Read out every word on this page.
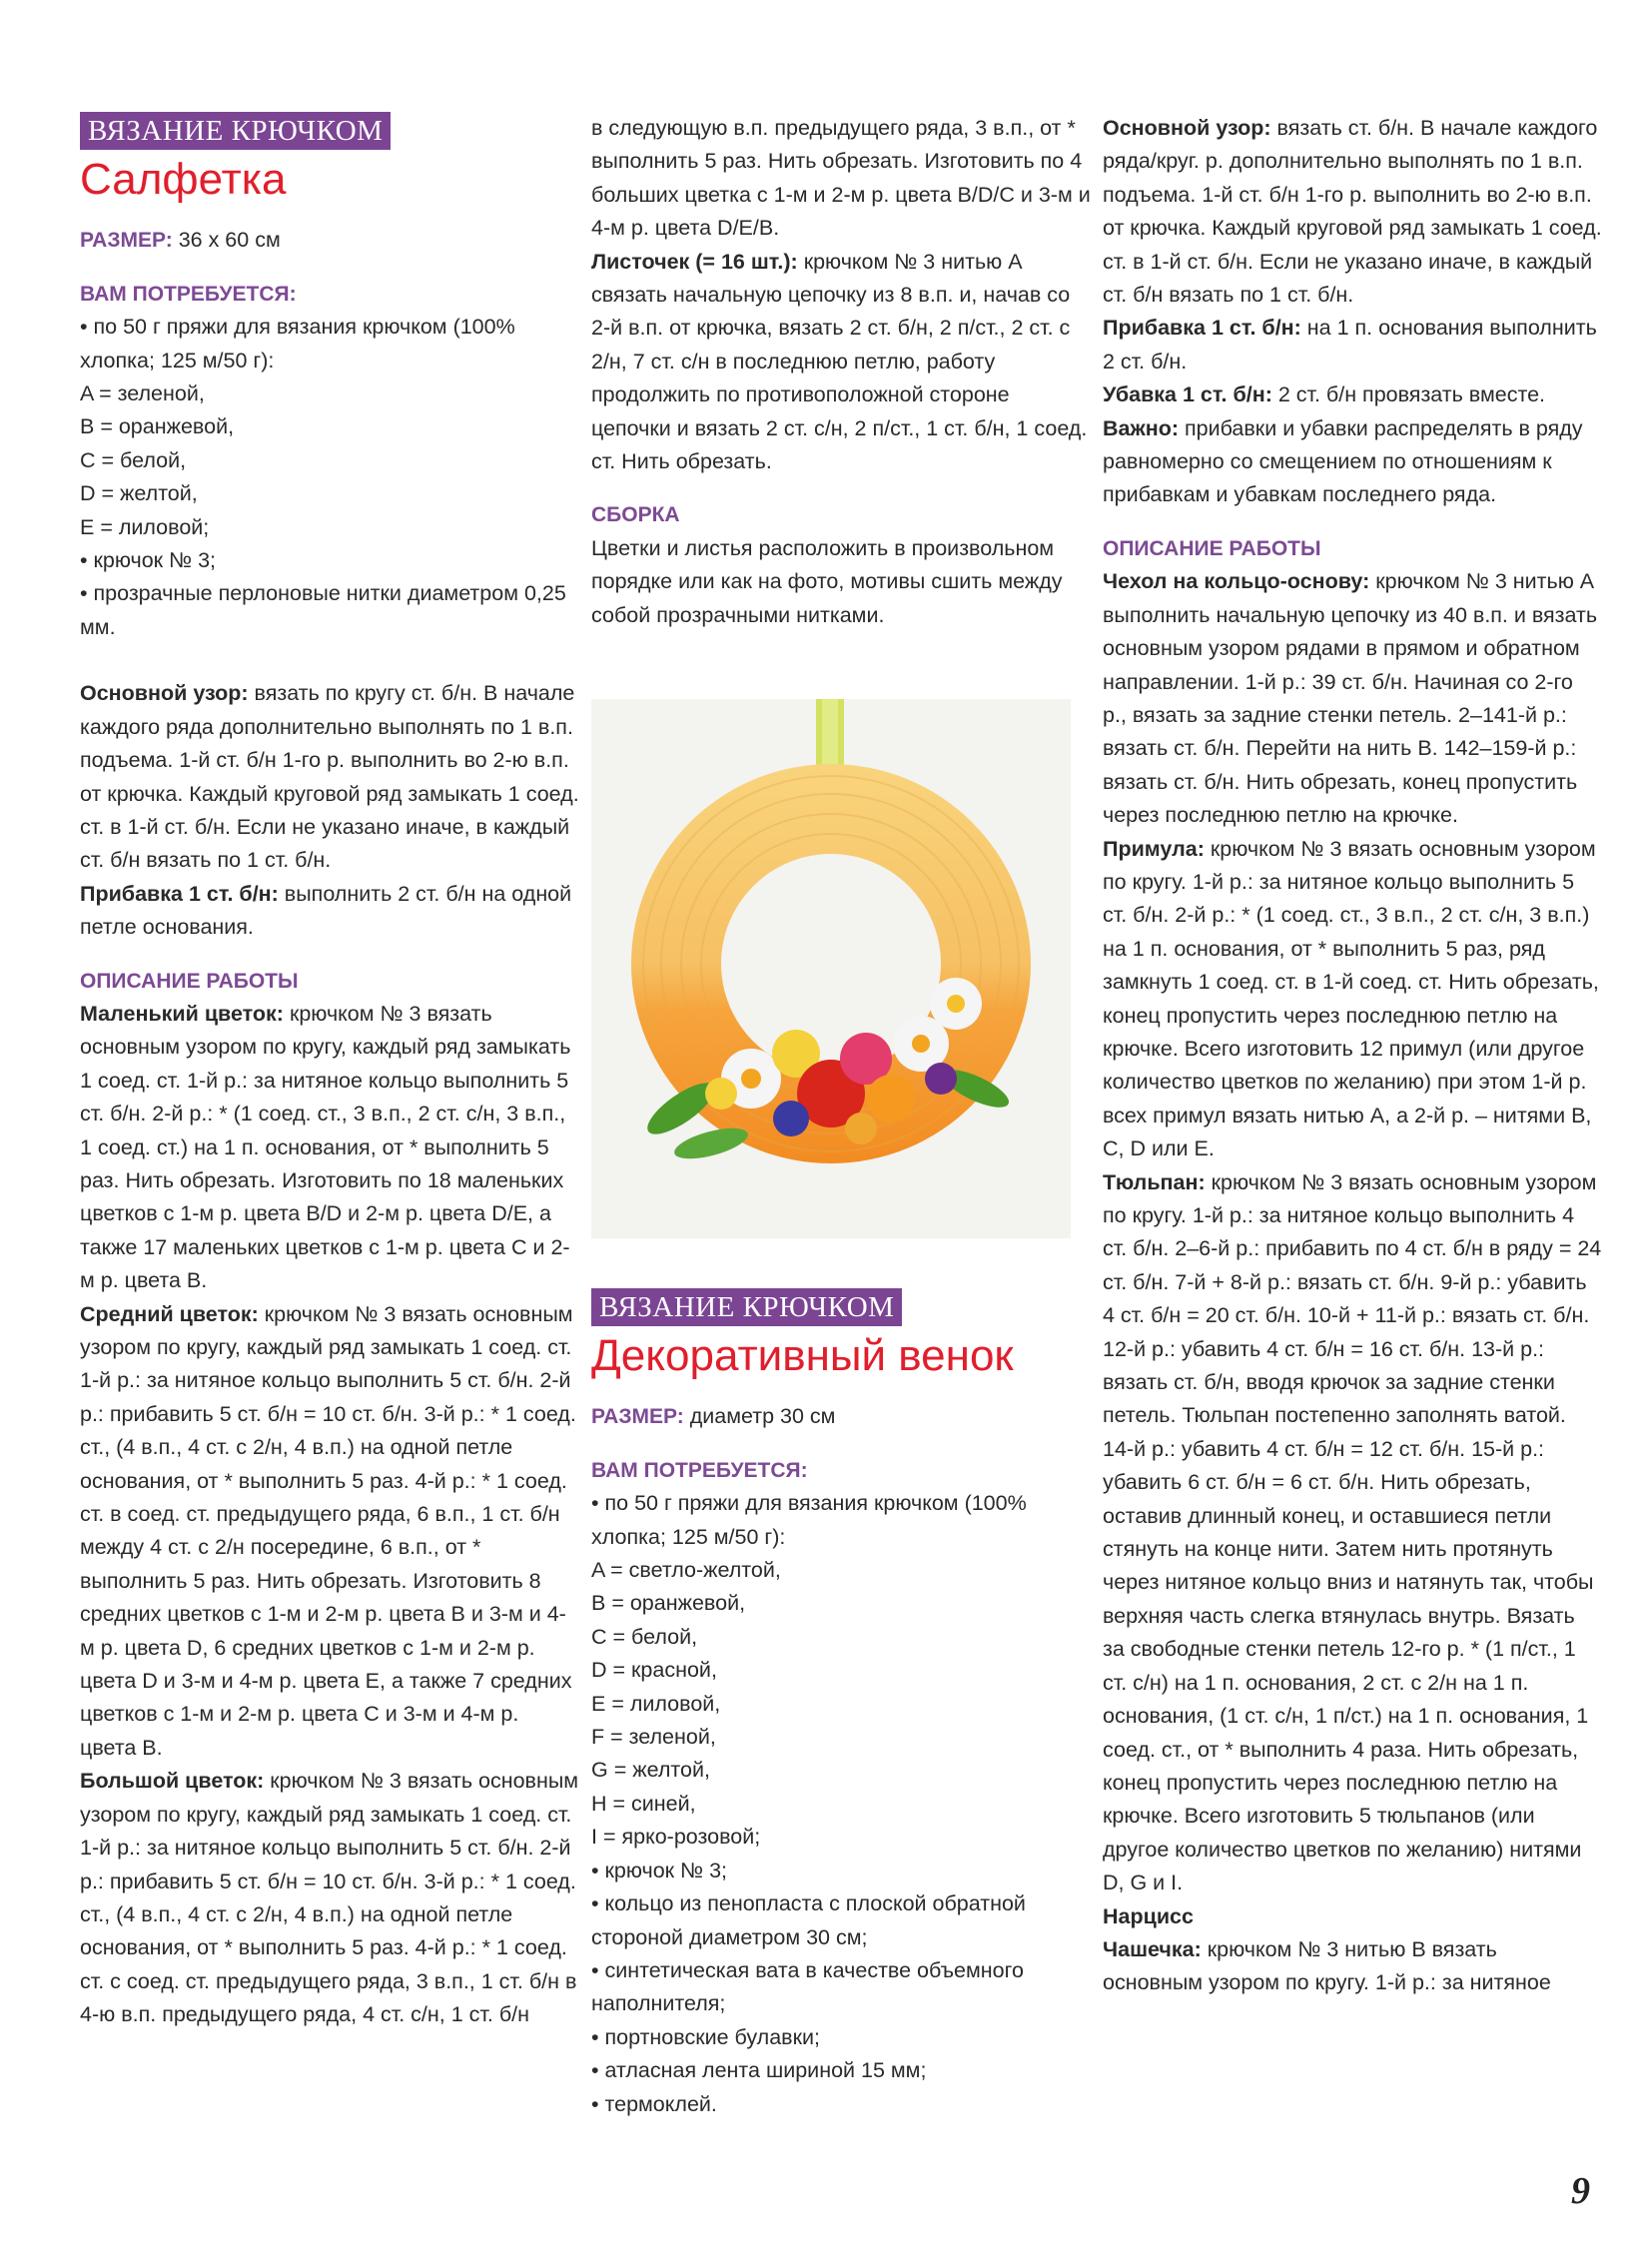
ВЯЗАНИЕ КРЮЧКОМ

Салфетка

РАЗМЕР: 36 х 60 см

ВАМ ПОТРЕБУЕТСЯ:

• по 50 г пряжи для вязания крючком (100% хлопка; 125 м/50 г):

A = зеленой,

B = оранжевой,

C = белой,

D = желтой,

E = лиловой;

• крючок № 3;

• прозрачные перлоновые нитки диаметром 0,25 мм.

Основной узор: вязать по кругу ст. б/н. В начале каждого ряда дополнительно выполнять по 1 в.п. подъема. 1-й ст. б/н 1-го р. выполнить во 2-ю в.п. от крючка. Каждый круговой ряд замыкать 1 соед. ст. в 1-й ст. б/н. Если не указано иначе, в каждый ст. б/н вязать по 1 ст. б/н.

Прибавка 1 ст. б/н: выполнить 2 ст. б/н на одной петле основания.

ОПИСАНИЕ РАБОТЫ

Маленький цветок: крючком № 3 вязать основным узором по кругу, каждый ряд замыкать 1 соед. ст. 1-й р.: за нитяное кольцо выполнить 5 ст. б/н. 2-й р.: * (1 соед. ст., 3 в.п., 2 ст. с/н, 3 в.п., 1 соед. ст.) на 1 п. основания, от * выполнить 5 раз. Нить обрезать. Изготовить по 18 маленьких цветков с 1-м р. цвета B/D и 2-м р. цвета D/E, а также 17 маленьких цветков с 1-м р. цвета C и 2-м р. цвета B.

Средний цветок: крючком № 3 вязать основным узором по кругу, каждый ряд замыкать 1 соед. ст. 1-й р.: за нитяное кольцо выполнить 5 ст. б/н. 2-й р.: прибавить 5 ст. б/н = 10 ст. б/н. 3-й р.: * 1 соед. ст., (4 в.п., 4 ст. с 2/н, 4 в.п.) на одной петле основания, от * выполнить 5 раз. 4-й р.: * 1 соед. ст. в соед. ст. предыдущего ряда, 6 в.п., 1 ст. б/н между 4 ст. с 2/н посередине, 6 в.п., от * выполнить 5 раз. Нить обрезать. Изготовить 8 средних цветков с 1-м и 2-м р. цвета B и 3-м и 4-м р. цвета D, 6 средних цветков с 1-м и 2-м р. цвета D и 3-м и 4-м р. цвета E, а также 7 средних цветков с 1-м и 2-м р. цвета C и 3-м и 4-м р. цвета B.

Большой цветок: крючком № 3 вязать основным узором по кругу, каждый ряд замыкать 1 соед. ст. 1-й р.: за нитяное кольцо выполнить 5 ст. б/н. 2-й р.: прибавить 5 ст. б/н = 10 ст. б/н. 3-й р.: * 1 соед. ст., (4 в.п., 4 ст. с 2/н, 4 в.п.) на одной петле основания, от * выполнить 5 раз. 4-й р.: * 1 соед. ст. с соед. ст. предыдущего ряда, 3 в.п., 1 ст. б/н в 4-ю в.п. предыдущего ряда, 4 ст. с/н, 1 ст. б/н

в следующую в.п. предыдущего ряда, 3 в.п., от * выполнить 5 раз. Нить обрезать. Изготовить по 4 больших цветка с 1-м и 2-м р. цвета B/D/C и 3-м и 4-м р. цвета D/E/B.

Листочек (= 16 шт.): крючком № 3 нитью A связать начальную цепочку из 8 в.п. и, начав со 2-й в.п. от крючка, вязать 2 ст. б/н, 2 п/ст., 2 ст. с 2/н, 7 ст. с/н в последнюю петлю, работу продолжить по противоположной стороне цепочки и вязать 2 ст. с/н, 2 п/ст., 1 ст. б/н, 1 соед. ст. Нить обрезать.

СБОРКА

Цветки и листья расположить в произвольном порядке или как на фото, мотивы сшить между собой прозрачными нитками.

ВЯЗАНИЕ КРЮЧКОМ

Декоративный венок

РАЗМЕР: диаметр 30 см

ВАМ ПОТРЕБУЕТСЯ:

• по 50 г пряжи для вязания крючком (100% хлопка; 125 м/50 г):

A = светло-желтой,

B = оранжевой,

C = белой,

D = красной,

E = лиловой,

F = зеленой,

G = желтой,

H = синей,

I = ярко-розовой;

• крючок № 3;

• кольцо из пенопласта с плоской обратной стороной диаметром 30 см;

• синтетическая вата в качестве объемного наполнителя;

• портновские булавки;

• атласная лента шириной 15 мм;

• термоклей.

Основной узор: вязать ст. б/н. В начале каждого ряда/круг. р. дополнительно выполнять по 1 в.п. подъема. 1-й ст. б/н 1-го р. выполнить во 2-ю в.п. от крючка. Каждый круговой ряд замыкать 1 соед. ст. в 1-й ст. б/н. Если не указано иначе, в каждый ст. б/н вязать по 1 ст. б/н.

Прибавка 1 ст. б/н: на 1 п. основания выполнить 2 ст. б/н.

Убавка 1 ст. б/н: 2 ст. б/н провязать вместе.

Важно: прибавки и убавки распределять в ряду равномерно со смещением по отношениям к прибавкам и убавкам последнего ряда.

ОПИСАНИЕ РАБОТЫ

Чехол на кольцо-основу: крючком № 3 нитью A выполнить начальную цепочку из 40 в.п. и вязать основным узором рядами в прямом и обратном направлении. 1-й р.: 39 ст. б/н. Начиная со 2-го р., вязать за задние стенки петель. 2–141-й р.: вязать ст. б/н. Перейти на нить B. 142–159-й р.: вязать ст. б/н. Нить обрезать, конец пропустить через последнюю петлю на крючке.

Примула: крючком № 3 вязать основным узором по кругу. 1-й р.: за нитяное кольцо выполнить 5 ст. б/н. 2-й р.: * (1 соед. ст., 3 в.п., 2 ст. с/н, 3 в.п.) на 1 п. основания, от * выполнить 5 раз, ряд замкнуть 1 соед. ст. в 1-й соед. ст. Нить обрезать, конец пропустить через последнюю петлю на крючке. Всего изготовить 12 примул (или другое количество цветков по желанию) при этом 1-й р. всех примул вязать нитью A, а 2-й р. – нитями B, C, D или E.

Тюльпан: крючком № 3 вязать основным узором по кругу. 1-й р.: за нитяное кольцо выполнить 4 ст. б/н. 2–6-й р.: прибавить по 4 ст. б/н в ряду = 24 ст. б/н. 7-й + 8-й р.: вязать ст. б/н. 9-й р.: убавить 4 ст. б/н = 20 ст. б/н. 10-й + 11-й р.: вязать ст. б/н. 12-й р.: убавить 4 ст. б/н = 16 ст. б/н. 13-й р.: вязать ст. б/н, вводя крючок за задние стенки петель. Тюльпан постепенно заполнять ватой. 14-й р.: убавить 4 ст. б/н = 12 ст. б/н. 15-й р.: убавить 6 ст. б/н = 6 ст. б/н. Нить обрезать, оставив длинный конец, и оставшиеся петли стянуть на конце нити. Затем нить протянуть через нитяное кольцо вниз и натянуть так, чтобы верхняя часть слегка втянулась внутрь. Вязать за свободные стенки петель 12-го р. * (1 п/ст., 1 ст. с/н) на 1 п. основания, 2 ст. с 2/н на 1 п. основания, (1 ст. с/н, 1 п/ст.) на 1 п. основания, 1 соед. ст., от * выполнить 4 раза. Нить обрезать, конец пропустить через последнюю петлю на крючке. Всего изготовить 5 тюльпанов (или другое количество цветков по желанию) нитями D, G и I.

Нарцисс

Чашечка: крючком № 3 нитью B вязать основным узором по кругу. 1-й р.: за нитяное

9
